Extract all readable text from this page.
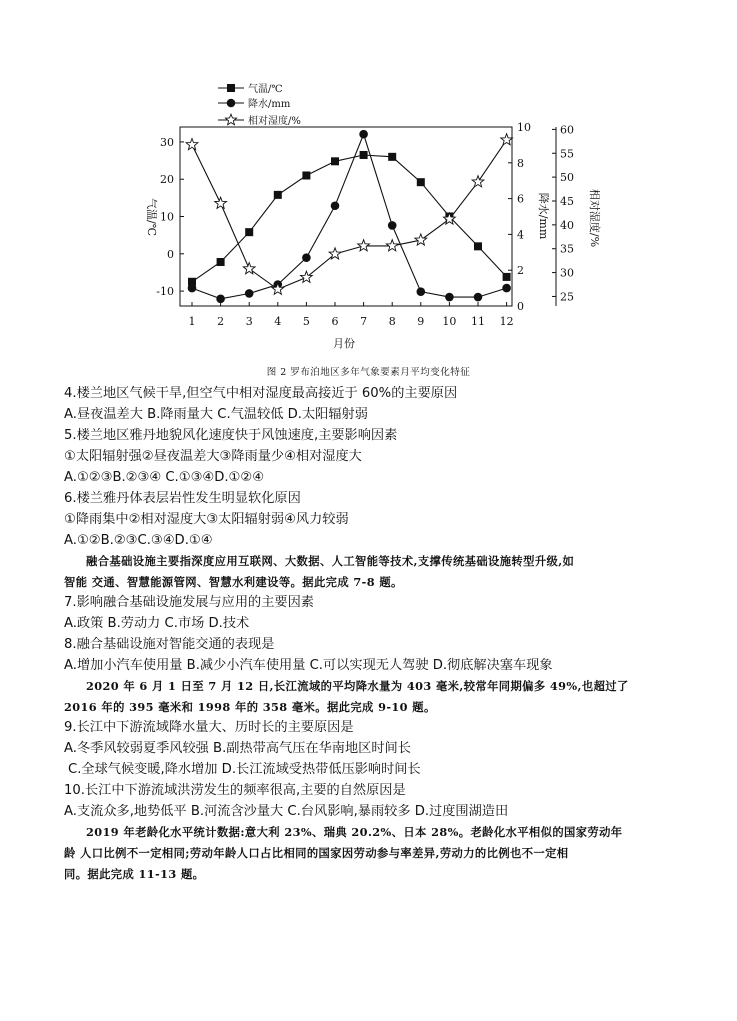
气温/℃
降水/mm
相对湿度/%
气温/℃	降水/mm	相对湿度/%
月份
1 2 3 4 5 6 7 8 9 10 11 12
-10
0
10
20
30
0
2
4
6
8
10
25
30
35
40
45
50
55
60
图 2 罗布泊地区多年气象要素月平均变化特征
4.楼兰地区气候干旱,但空气中相对湿度最高接近于 60%的主要原因
A.昼夜温差大 B.降雨量大 C.气温较低 D.太阳辐射弱
5.楼兰地区雅丹地貌风化速度快于风蚀速度,主要影响因素
①太阳辐射强②昼夜温差大③降雨量少④相对湿度大
A.①②③B.②③④ C.①③④D.①②④
6.楼兰雅丹体表层岩性发生明显软化原因
①降雨集中②相对湿度大③太阳辐射弱④风力较弱
A.①②B.②③C.③④D.①④
融合基础设施主要指深度应用互联网、大数据、人工智能等技术,支撑传统基础设施转型升级,如
智能 交通、智慧能源管网、智慧水利建设等。据此完成 7-8 题。
7.影响融合基础设施发展与应用的主要因素
A.政策 B.劳动力 C.市场 D.技术
8.融合基础设施对智能交通的表现是
A.增加小汽车使用量 B.减少小汽车使用量 C.可以实现无人驾驶 D.彻底解决塞车现象
2020 年 6 月 1 日至 7 月 12 日,长江流域的平均降水量为 403 毫米,较常年同期偏多 49%,也超过了
2016 年的 395 毫米和 1998 年的 358 毫米。据此完成 9-10 题。
9.长江中下游流域降水量大、历时长的主要原因是
A.冬季风较弱夏季风较强 B.副热带高气压在华南地区时间长
C.全球气候变暖,降水增加 D.长江流域受热带低压影响时间长
10.长江中下游流域洪涝发生的频率很高,主要的自然原因是
A.支流众多,地势低平 B.河流含沙量大 C.台风影响,暴雨较多 D.过度围湖造田
2019 年老龄化水平统计数据:意大利 23%、瑞典 20.2%、日本 28%。老龄化水平相似的国家劳动年
龄 人口比例不一定相同;劳动年龄人口占比相同的国家因劳动参与率差异,劳动力的比例也不一定相
同。据此完成 11-13 题。
